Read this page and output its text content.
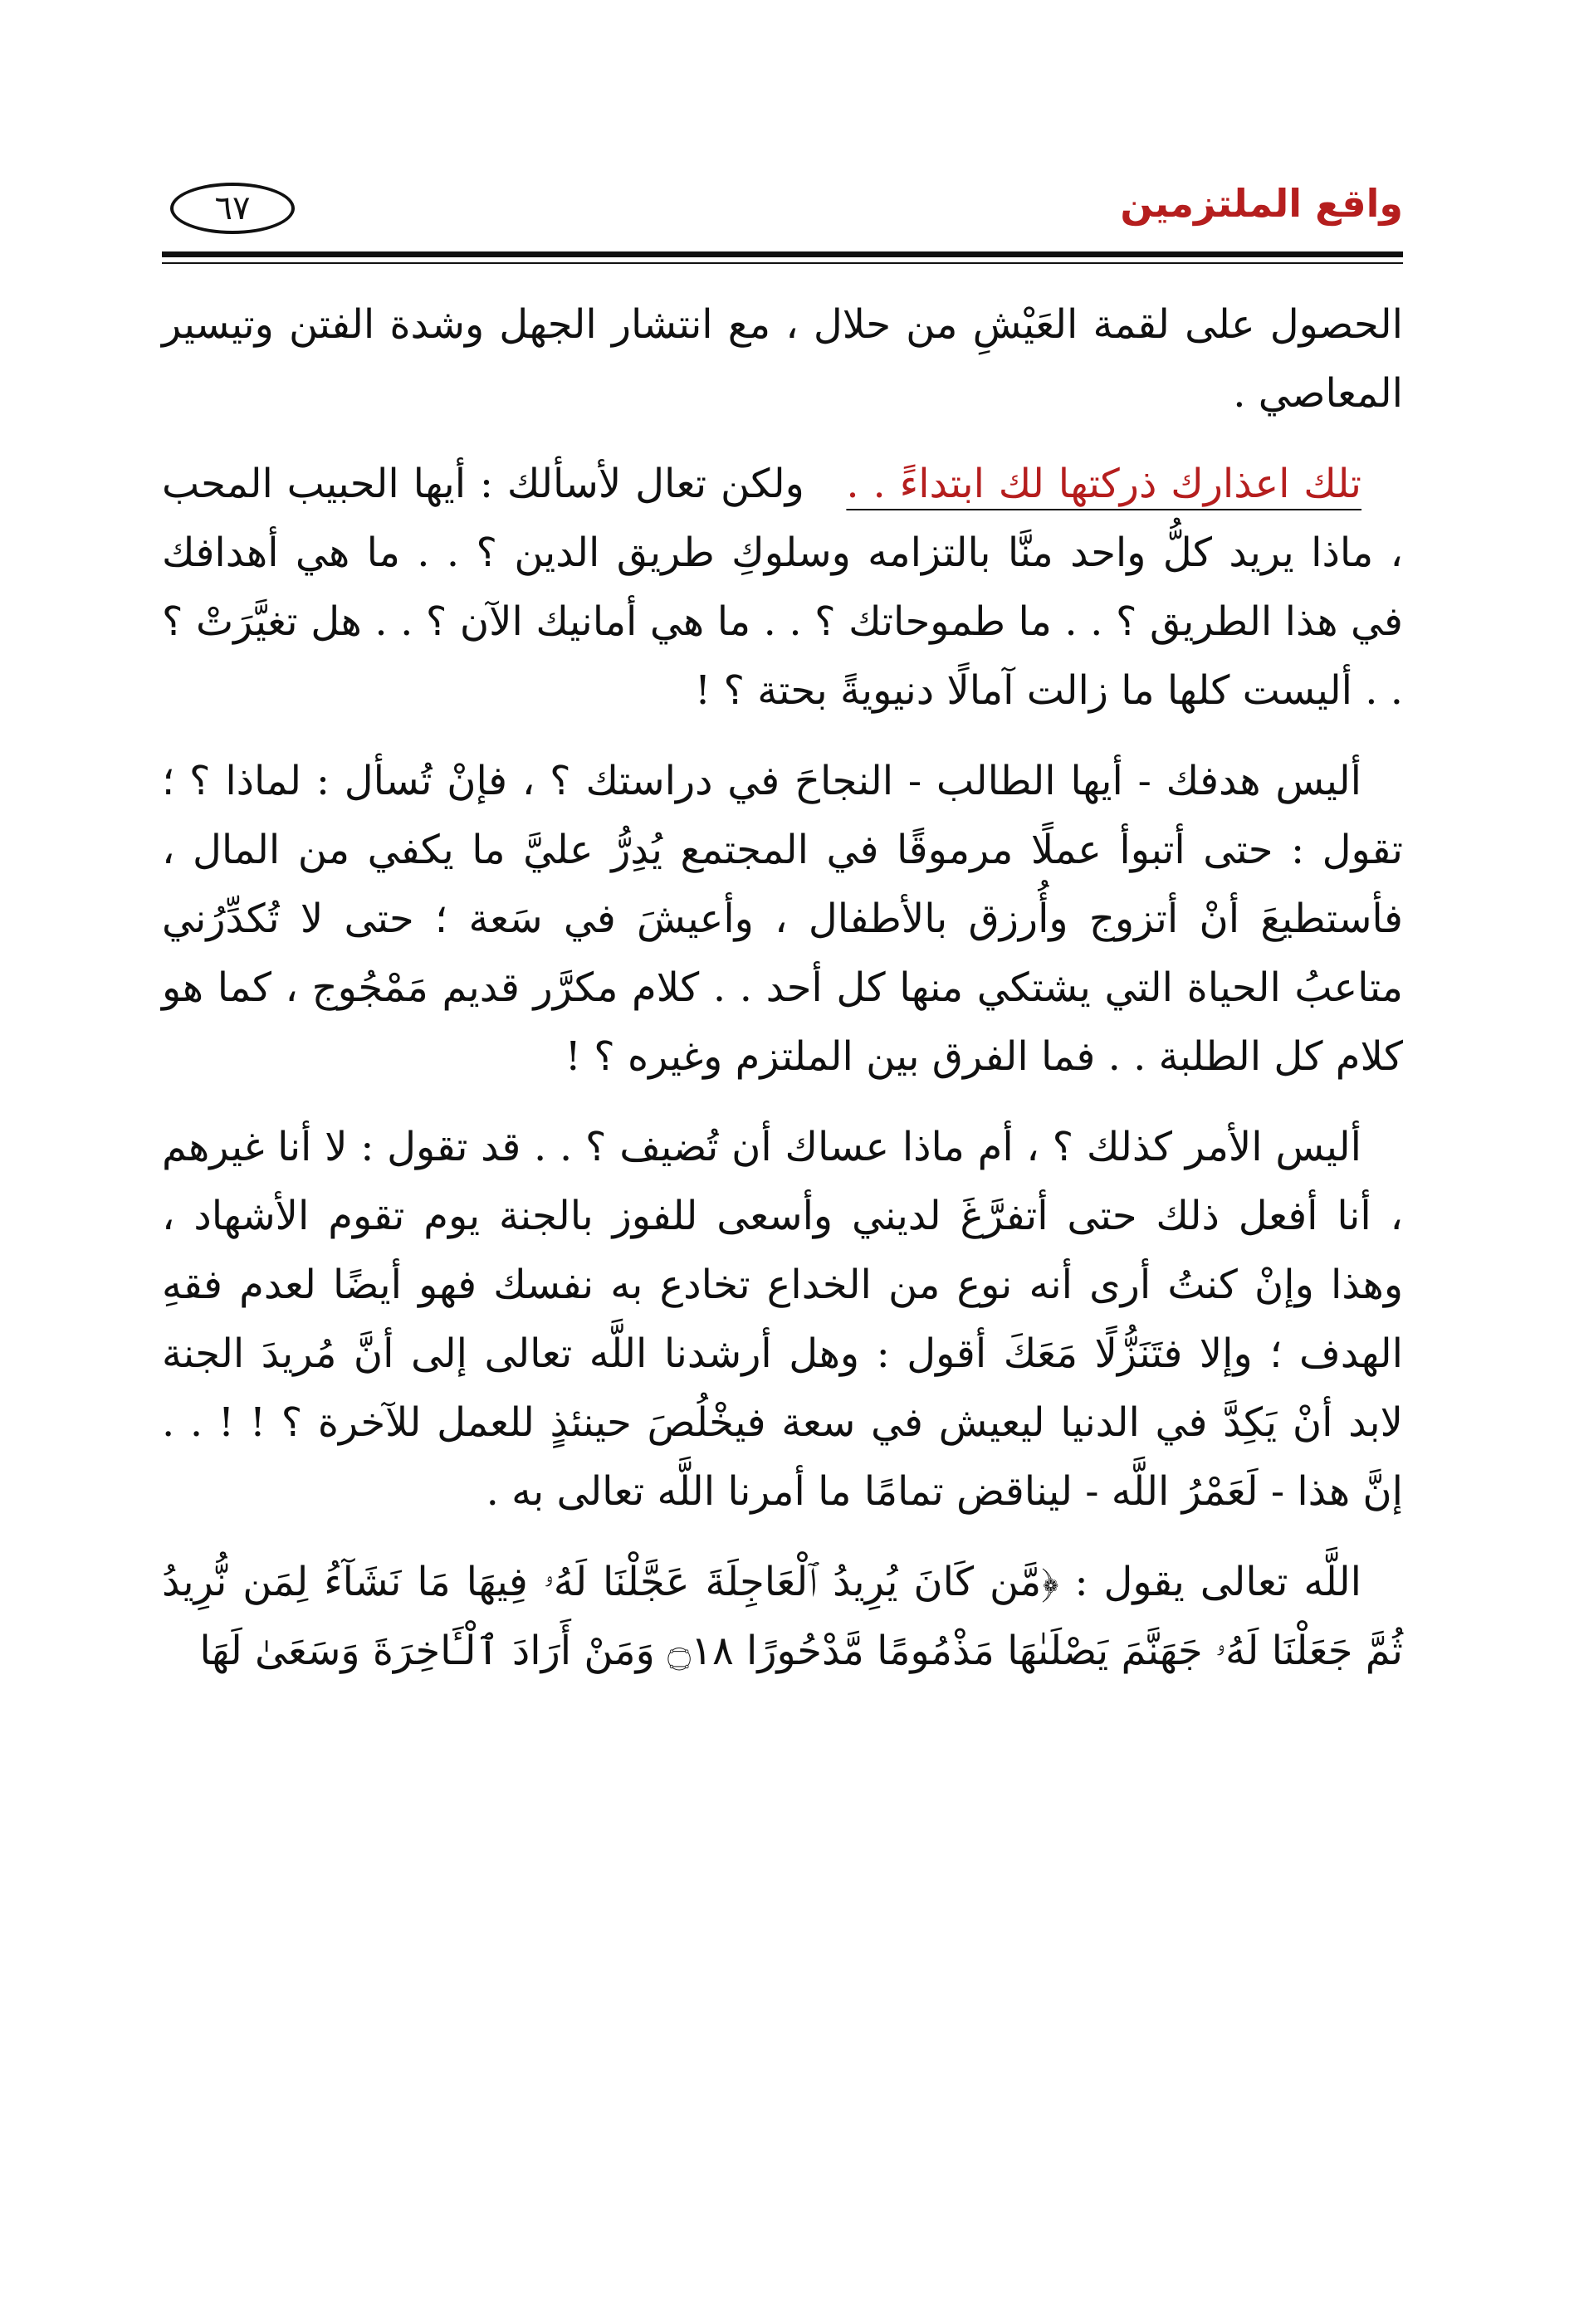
واقع الملتزمين
٦٧

الحصول على لقمة العَيْشِ من حلال ، مع انتشار الجهل وشدة الفتن وتيسير المعاصي .

تلك اعذارك ذركتها لك ابتداءً . .   ولكن تعال لأسألك : أيها الحبيب المحب ، ماذا يريد كلُّ واحد منَّا بالتزامه وسلوكِ طريق الدين ؟ . . ما هي أهدافك في هذا الطريق ؟ . . ما طموحاتك ؟ . . ما هي أمانيك الآن ؟ . . هل تغيَّرَتْ ؟ . . أليست كلها ما زالت آمالًا دنيويةً بحتة ؟ !

أليس هدفك - أيها الطالب - النجاحَ في دراستك ؟ ، فإنْ تُسأل : لماذا ؟ ؛ تقول : حتى أتبوأ عملًا مرموقًا في المجتمع يُدِرُّ عليَّ ما يكفي من المال ، فأستطيعَ أنْ أتزوج وأُرزق بالأطفال ، وأعيشَ في سَعة ؛ حتى لا تُكدِّرُني متاعبُ الحياة التي يشتكي منها كل أحد . . كلام مكرَّر قديم مَمْجُوج ، كما هو كلام كل الطلبة . . فما الفرق بين الملتزم وغيره ؟ !

أليس الأمر كذلك ؟ ، أم ماذا عساك أن تُضيف ؟ . . قد تقول : لا أنا غيرهم ، أنا أفعل ذلك حتى أتفرَّغَ لديني وأسعى للفوز بالجنة يوم تقوم الأشهاد ، وهذا وإنْ كنتُ أرى أنه نوع من الخداع تخادع به نفسك فهو أيضًا لعدم فقهِ الهدف ؛ وإلا فتَنَزُّلًا مَعَكَ أقول : وهل أرشدنا اللَّه تعالى إلى أنَّ مُريدَ الجنة لابد أنْ يَكِدَّ في الدنيا ليعيش في سعة فيخْلُصَ حينئذٍ للعمل للآخرة ؟ ! ! . . إنَّ هذا - لَعَمْرُ اللَّه - ليناقض تمامًا ما أمرنا اللَّه تعالى به .

اللَّه تعالى يقول : ﴿مَّن كَانَ يُرِيدُ ٱلْعَاجِلَةَ عَجَّلْنَا لَهُۥ فِيهَا مَا نَشَآءُ لِمَن نُّرِيدُ ثُمَّ جَعَلْنَا لَهُۥ جَهَنَّمَ يَصْلَىٰهَا مَذْمُومًا مَّدْحُورًا ۝١٨ وَمَنْ أَرَادَ ٱلْـَٔاخِرَةَ وَسَعَىٰ لَهَا
